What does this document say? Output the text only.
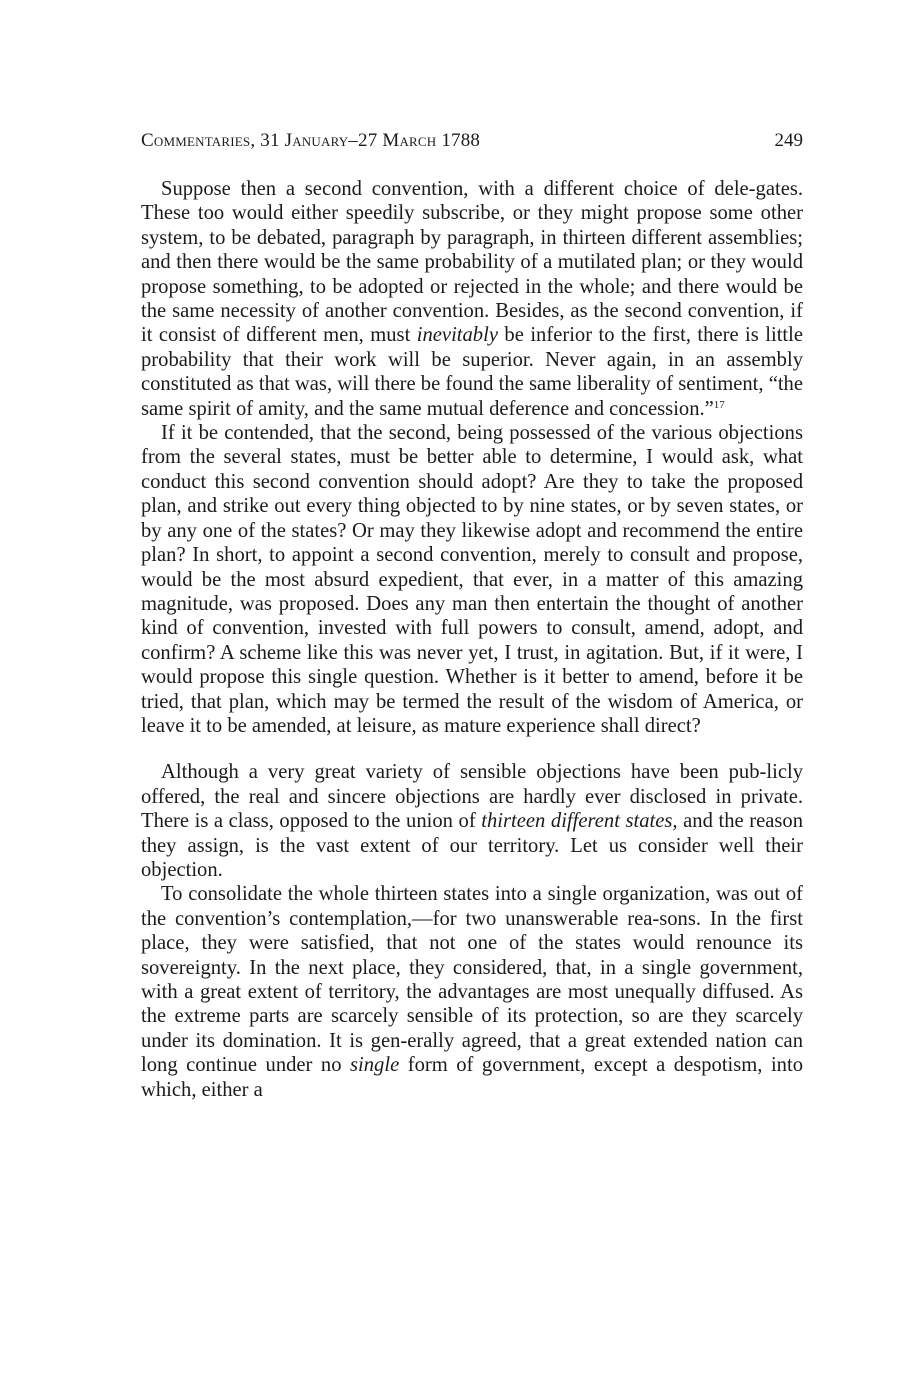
Commentaries, 31 January–27 March 1788	249

Suppose then a second convention, with a different choice of dele-gates. These too would either speedily subscribe, or they might propose some other system, to be debated, paragraph by paragraph, in thirteen different assemblies; and then there would be the same probability of a mutilated plan; or they would propose something, to be adopted or rejected in the whole; and there would be the same necessity of another convention. Besides, as the second convention, if it consist of different men, must inevitably be inferior to the first, there is little probability that their work will be superior. Never again, in an assembly constituted as that was, will there be found the same liberality of sentiment, “the same spirit of amity, and the same mutual deference and concession.”$^{17}$

If it be contended, that the second, being possessed of the various objections from the several states, must be better able to determine, I would ask, what conduct this second convention should adopt? Are they to take the proposed plan, and strike out every thing objected to by nine states, or by seven states, or by any one of the states? Or may they likewise adopt and recommend the entire plan? In short, to appoint a second convention, merely to consult and propose, would be the most absurd expedient, that ever, in a matter of this amazing magnitude, was proposed. Does any man then entertain the thought of another kind of convention, invested with full powers to consult, amend, adopt, and confirm? A scheme like this was never yet, I trust, in agitation. But, if it were, I would propose this single question. Whether is it better to amend, before it be tried, that plan, which may be termed the result of the wisdom of America, or leave it to be amended, at leisure, as mature experience shall direct?

Although a very great variety of sensible objections have been pub-licly offered, the real and sincere objections are hardly ever disclosed in private. There is a class, opposed to the union of thirteen different states, and the reason they assign, is the vast extent of our territory. Let us consider well their objection.

To consolidate the whole thirteen states into a single organization, was out of the convention’s contemplation,—for two unanswerable rea-sons. In the first place, they were satisfied, that not one of the states would renounce its sovereignty. In the next place, they considered, that, in a single government, with a great extent of territory, the advantages are most unequally diffused. As the extreme parts are scarcely sensible of its protection, so are they scarcely under its domination. It is gen-erally agreed, that a great extended nation can long continue under no single form of government, except a despotism, into which, either a
